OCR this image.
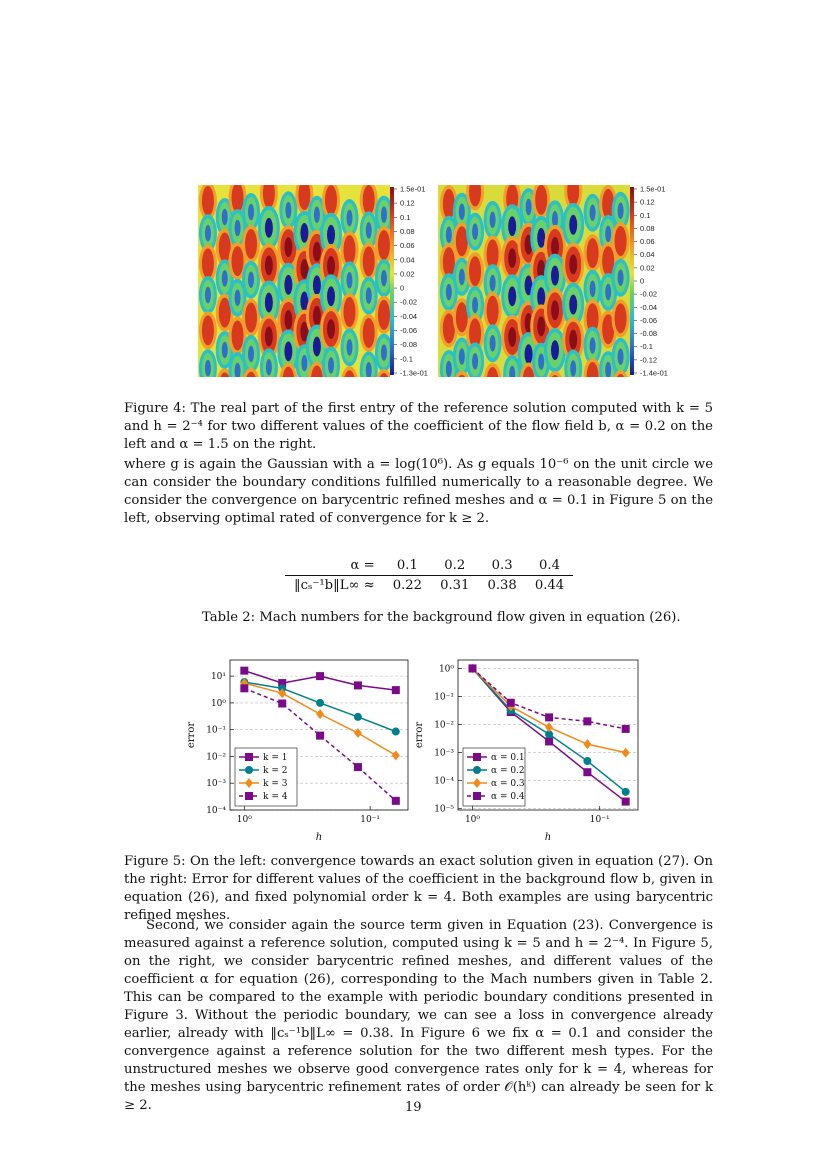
1.5e-01
0.12
0.1
0.08
0.06
0.04
0.02
0
-0.02
-0.04
-0.06
-0.08
-0.1
-1.3e-01
1.5e-01
0.12
0.1
0.08
0.06
0.04
0.02
0
-0.02
-0.04
-0.06
-0.08
-0.1
-0.12
-1.4e-01
Figure 4: The real part of the first entry of the reference solution computed with k = 5 and h = 2⁻⁴ for two different values of the coefficient of the flow field b, α = 0.2 on the left and α = 1.5 on the right.
where g is again the Gaussian with a = log(10⁶). As g equals 10⁻⁶ on the unit circle we can consider the boundary conditions fulfilled numerically to a reasonable degree. We consider the convergence on barycentric refined meshes and α = 0.1 in Figure 5 on the left, observing optimal rated of convergence for k ≥ 2.
α =	0.1	0.2	0.3	0.4
‖cₛ⁻¹b‖L∞ ≈	0.22	0.31	0.38	0.44
Table 2: Mach numbers for the background flow given in equation (26).
10¹
10⁰
10⁻¹
10⁻²
10⁻³
10⁻⁴
10⁰	10⁻¹
h
error
k = 1
k = 2
k = 3
k = 4
10⁰
10⁻¹
10⁻²
10⁻³
10⁻⁴
10⁻⁵
10⁰	10⁻¹
h
error
α = 0.1
α = 0.2
α = 0.3
α = 0.4
Figure 5: On the left: convergence towards an exact solution given in equation (27). On the right: Error for different values of the coefficient in the background flow b, given in equation (26), and fixed polynomial order k = 4. Both examples are using barycentric refined meshes.
Second, we consider again the source term given in Equation (23). Convergence is measured against a reference solution, computed using k = 5 and h = 2⁻⁴. In Figure 5, on the right, we consider barycentric refined meshes, and different values of the coefficient α for equation (26), corresponding to the Mach numbers given in Table 2. This can be compared to the example with periodic boundary conditions presented in Figure 3. Without the periodic boundary, we can see a loss in convergence already earlier, already with ‖cₛ⁻¹b‖L∞ = 0.38. In Figure 6 we fix α = 0.1 and consider the convergence against a reference solution for the two different mesh types. For the unstructured meshes we observe good convergence rates only for k = 4, whereas for the meshes using barycentric refinement rates of order 𝒪(hᵏ) can already be seen for k ≥ 2.	19
